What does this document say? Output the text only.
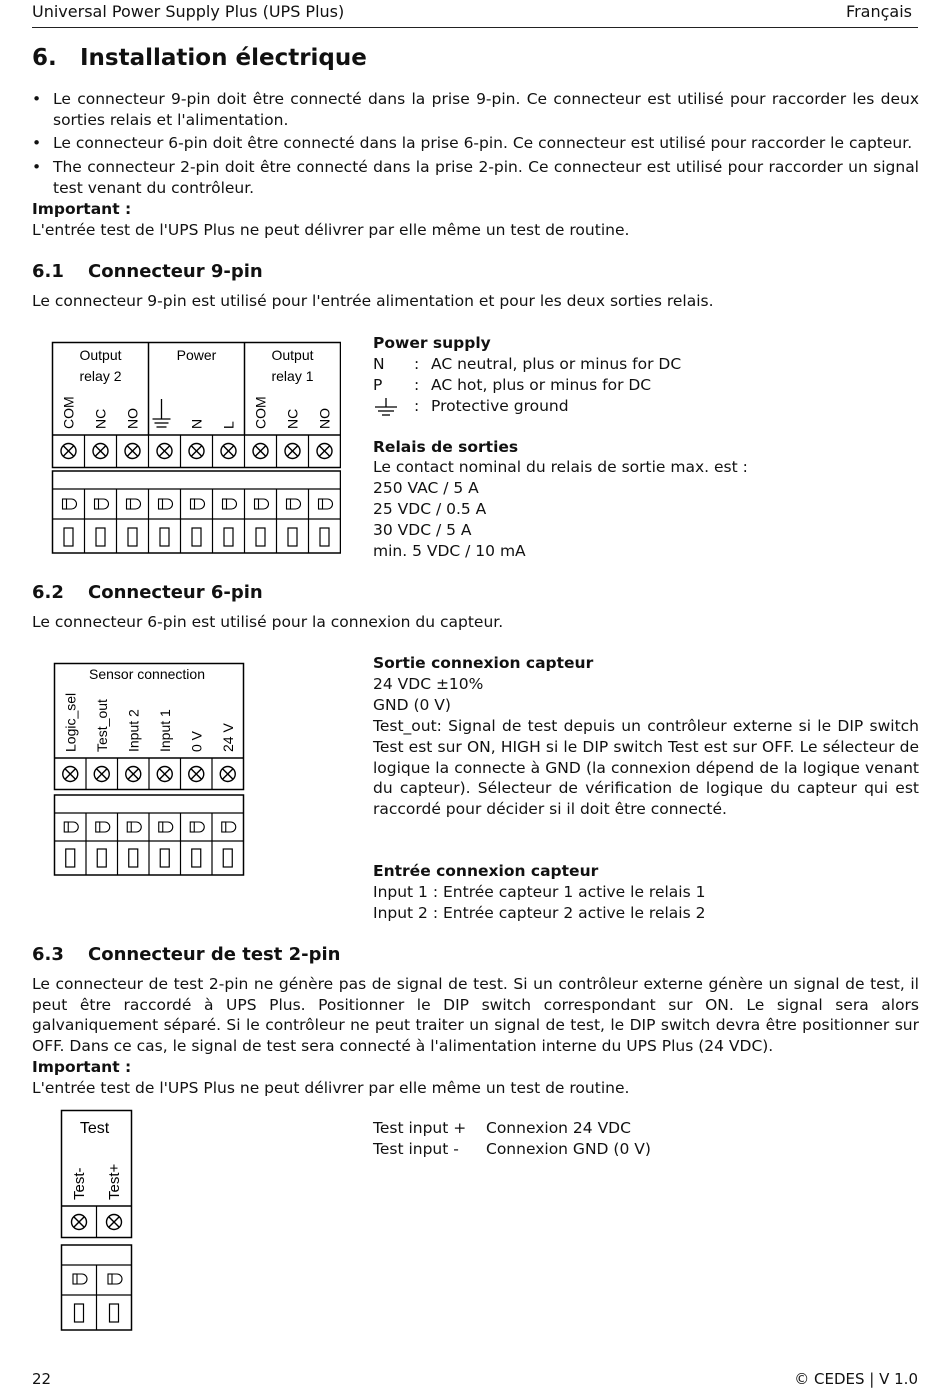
Universal Power Supply Plus (UPS Plus)	Français
6. Installation électrique
• Le connecteur 9-pin doit être connecté dans la prise 9-pin. Ce connecteur est utilisé pour raccorder les deux sorties relais et l'alimentation.
• Le connecteur 6-pin doit être connecté dans la prise 6-pin. Ce connecteur est utilisé pour raccorder le capteur.
• The connecteur 2-pin doit être connecté dans la prise 2-pin. Ce connecteur est utilisé pour raccorder un signal test venant du contrôleur.
Important :
L'entrée test de l'UPS Plus ne peut délivrer par elle même un test de routine.
6.1 Connecteur 9-pin
Le connecteur 9-pin est utilisé pour l'entrée alimentation et pour les deux sorties relais.
Output
relay 2
Power	Output
relay 1
COM NC NO	N L COM NC NO
Power supply
N : AC neutral, plus or minus for DC
P : AC hot, plus or minus for DC
: Protective ground
Relais de sorties
Le contact nominal du relais de sortie max. est :
250 VAC / 5 A
25 VDC / 0.5 A
30 VDC / 5 A
min. 5 VDC / 10 mA
6.2 Connecteur 6-pin
Le connecteur 6-pin est utilisé pour la connexion du capteur.
Sensor connection
Logic_sel Test_out Input 2 Input 1 0 V 24 V
Sortie connexion capteur
24 VDC ±10%
GND (0 V)
Test_out: Signal de test depuis un contrôleur externe si le DIP switch Test est sur ON, HIGH si le DIP switch Test est sur OFF. Le sélecteur de logique la connecte à GND (la connexion dépend de la logique venant du capteur). Sélecteur de vérification de logique du capteur qui est raccordé pour décider si il doit être connecté.
Entrée connexion capteur
Input 1 : Entrée capteur 1 active le relais 1
Input 2 : Entrée capteur 2 active le relais 2
6.3 Connecteur de test 2-pin
Le connecteur de test 2-pin ne génère pas de signal de test. Si un contrôleur externe génère un signal de test, il peut être raccordé à UPS Plus. Positionner le DIP switch correspondant sur ON. Le signal sera alors galvaniquement séparé. Si le contrôleur ne peut traiter un signal de test, le DIP switch devra être positionner sur OFF. Dans ce cas, le signal de test sera connecté à l'alimentation interne du UPS Plus (24 VDC).
Important :
L'entrée test de l'UPS Plus ne peut délivrer par elle même un test de routine.
Test
Test- Test+
Test input + Connexion 24 VDC
Test input - Connexion GND (0 V)
22	© CEDES | V 1.0
